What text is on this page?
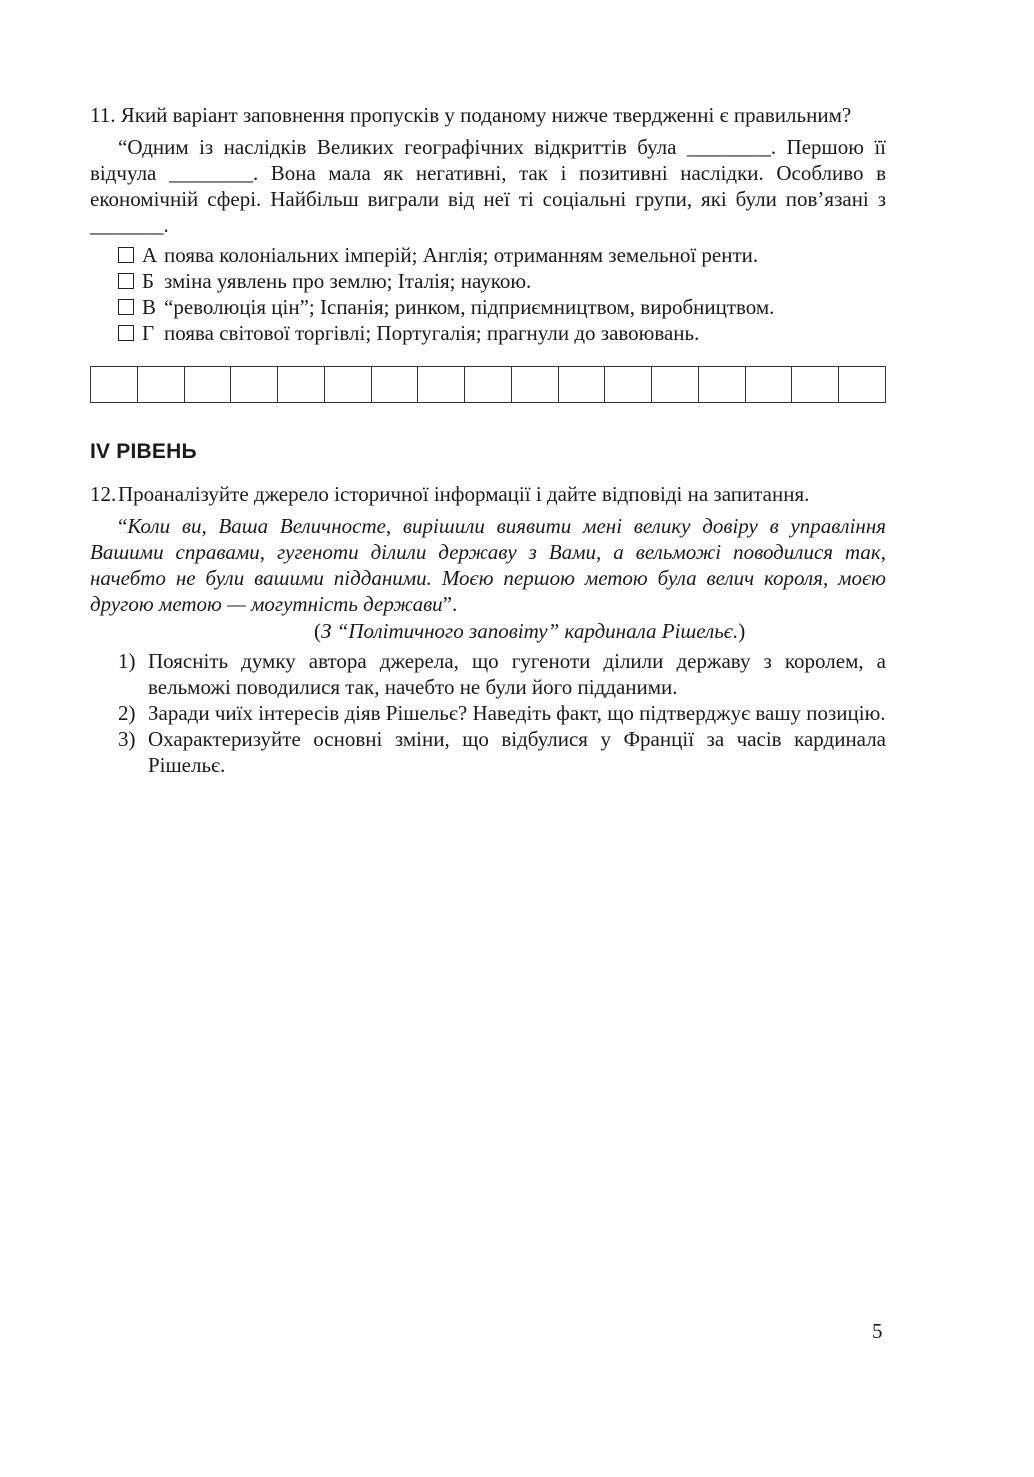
11. Який варіант заповнення пропусків у поданому нижче твердженні є правильним?
“Одним із наслідків Великих географічних відкриттів була ________. Першою її відчула ________. Вона мала як негативні, так і позитивні наслідки. Особливо в економічній сфері. Найбільш виграли від неї ті соціальні групи, які були пов’язані з _______.
А поява колоніальних імперій; Англія; отриманням земельної ренти.
Б зміна уявлень про землю; Італія; наукою.
В “революція цін”; Іспанія; ринком, підприємництвом, виробництвом.
Г поява світової торгівлі; Португалія; прагнули до завоювань.
IV РІВЕНЬ
12. Проаналізуйте джерело історичної інформації і дайте відповіді на запитання.
“Коли ви, Ваша Величносте, вирішили виявити мені велику довіру в управління Вашими справами, гугеноти ділили державу з Вами, а вельможі поводилися так, начебто не були вашими підданими. Моєю першою метою була велич короля, моєю другою метою — могутність держави”.
(З “Політичного заповіту” кардинала Рішельє.)
1) Поясніть думку автора джерела, що гугеноти ділили державу з королем, а вельможі поводилися так, начебто не були його підданими.
2) Заради чиїх інтересів діяв Рішельє? Наведіть факт, що підтверджує вашу позицію.
3) Охарактеризуйте основні зміни, що відбулися у Франції за часів кардинала Рішельє.
5
